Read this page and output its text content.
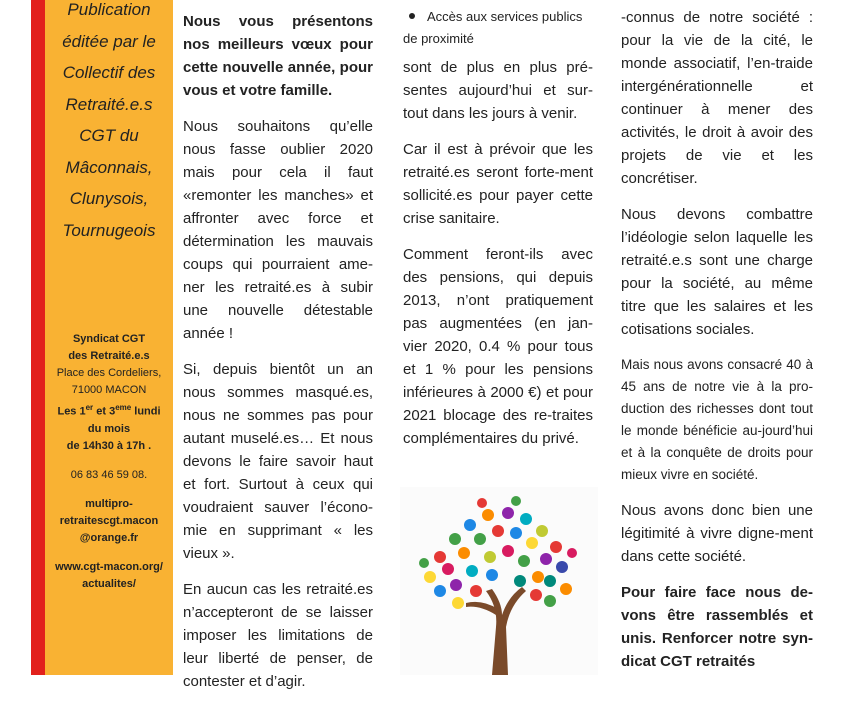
Publication
éditée par le
Collectif des
Retraité.e.s
CGT du
Mâconnais,
Clunysois,
Tournugeois
Syndicat CGT
des Retraité.e.s
Place des Cordeliers,
71000 MACON
Les 1er et 3eme lundi
du mois
de 14h30 à 17h .
06 83 46 59 08.
multipro-
retraitescgt.macon
@orange.fr
www.cgt-macon.org/
actualites/

Nous vous présentons nos meilleurs vœux pour cette nouvelle année, pour vous et votre famille.

Nous souhaitons qu’elle nous fasse oublier 2020 mais pour cela il faut «remonter les manches» et affronter avec force et détermination les mauvais coups qui pourraient ame-ner les retraité.es à subir une nouvelle détestable année !

Si, depuis bientôt un an nous sommes masqué.es, nous ne sommes pas pour autant muselé.es… Et nous devons le faire savoir haut et fort. Surtout à ceux qui voudraient sauver l’écono-mie en supprimant « les vieux ».

En aucun cas les retraité.es n’accepteront de se laisser imposer les limitations de leur liberté de penser, de contester et d’agir.

Accès aux services publics de proximité

sont de plus en plus pré-sentes aujourd’hui et sur-tout dans les jours à venir.

Car il est à prévoir que les retraité.es seront forte-ment sollicité.es pour payer cette crise sanitaire.

Comment feront-ils avec des pensions, qui depuis 2013, n’ont pratiquement pas augmentées (en jan-vier 2020, 0.4 % pour tous et 1 % pour les pensions inférieures à 2000 €) et pour 2021 blocage des re-traites complémentaires du privé.

-connus de notre société : pour la vie de la cité, le monde associatif, l’en-traide intergénérationnelle et continuer à mener des activités, le droit à avoir des projets de vie et les concrétiser.

Nous devons combattre l’idéologie selon laquelle les retraité.e.s sont une charge pour la société, au même titre que les salaires et les cotisations sociales.

Mais nous avons consacré 40 à 45 ans de notre vie à la pro-duction des richesses dont tout le monde bénéficie au-jourd’hui et à la conquête de droits pour mieux vivre en société.

Nous avons donc bien une légitimité à vivre digne-ment dans cette société.

Pour faire face nous de-vons être rassemblés et unis. Renforcer notre syn-dicat CGT retraités
